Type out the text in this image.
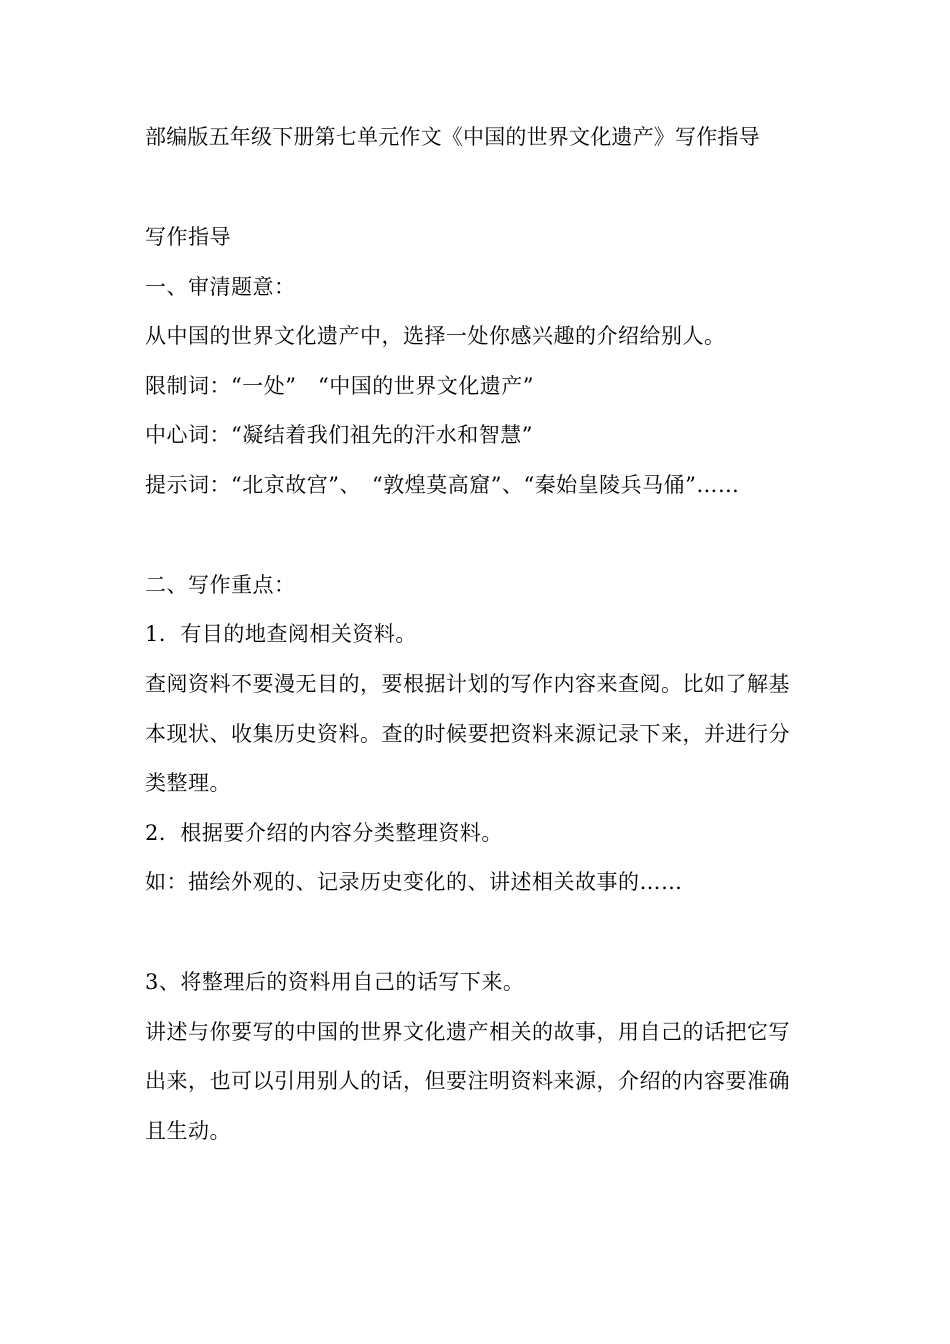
部编版五年级下册第七单元作文《中国的世界文化遗产》写作指导
写作指导
一、审清题意：
从中国的世界文化遗产中，选择一处你感兴趣的介绍给别人。
限制词：“一处”　“中国的世界文化遗产”
中心词：“凝结着我们祖先的汗水和智慧”
提示词：“北京故宫”、　“敦煌莫高窟”、“秦始皇陵兵马俑”……
二、写作重点：
1．有目的地查阅相关资料。
查阅资料不要漫无目的，要根据计划的写作内容来查阅。比如了解基
本现状、收集历史资料。查的时候要把资料来源记录下来，并进行分
类整理。
2．根据要介绍的内容分类整理资料。
如：描绘外观的、记录历史变化的、讲述相关故事的……
3、将整理后的资料用自己的话写下来。
讲述与你要写的中国的世界文化遗产相关的故事，用自己的话把它写
出来，也可以引用别人的话，但要注明资料来源，介绍的内容要准确
且生动。
